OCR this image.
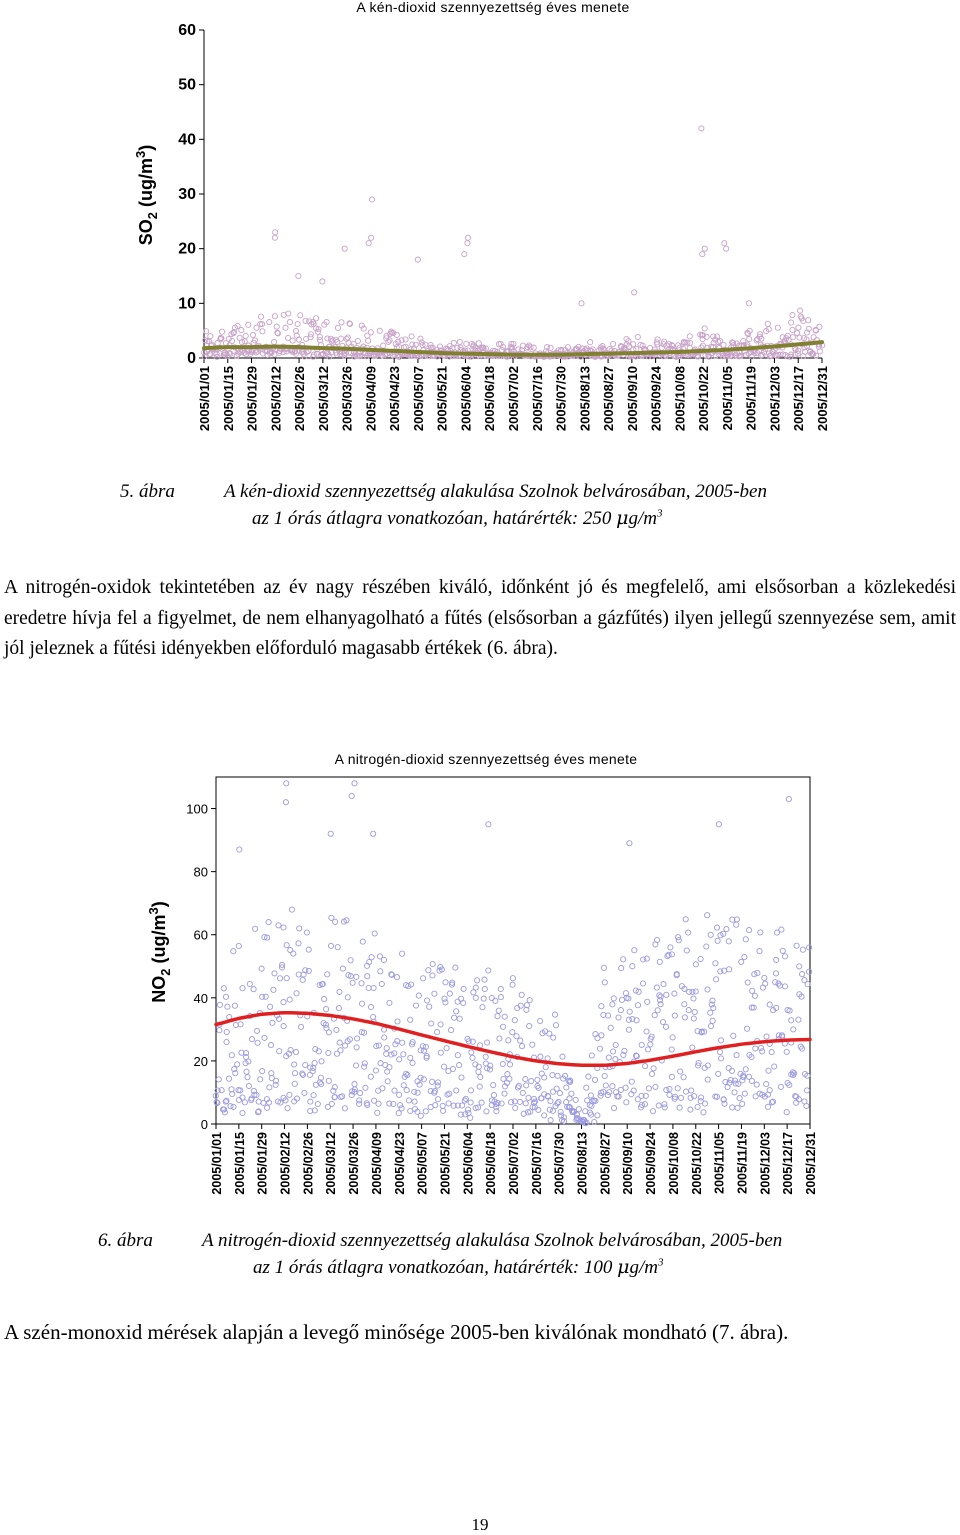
A kén-dioxid szennyezettség éves menete
0
10
20
30
40
50
60
2005/01/01 2005/01/15 2005/01/29 2005/02/12 2005/02/26 2005/03/12 2005/03/26 2005/04/09 2005/04/23 2005/05/07 2005/05/21 2005/06/04 2005/06/18 2005/07/02 2005/07/16 2005/07/30 2005/08/13 2005/08/27 2005/09/10 2005/09/24 2005/10/08 2005/10/22 2005/11/05 2005/11/19 2005/12/03 2005/12/17 2005/12/31
$SO_2$ $(ug/m^3)$
5. ábra	A kén-dioxid szennyezettség alakulása Szolnok belvárosában, 2005-ben
az 1 órás átlagra vonatkozóan, határérték: 250 $\mu g/m^3$
A nitrogén-oxidok tekintetében az év nagy részében kiváló, időnként jó és megfelelő, ami elsősorban a közlekedési eredetre hívja fel a figyelmet, de nem elhanyagolható a fűtés (elsősorban a gázfűtés) ilyen jellegű szennyezése sem, amit jól jeleznek a fűtési idényekben előforduló magasabb értékek (6. ábra).
A nitrogén-dioxid szennyezettség éves menete
0
20
40
60
80
100
2005/01/01 2005/01/15 2005/01/29 2005/02/12 2005/02/26 2005/03/12 2005/03/26 2005/04/09 2005/04/23 2005/05/07 2005/05/21 2005/06/04 2005/06/18 2005/07/02 2005/07/16 2005/07/30 2005/08/13 2005/08/27 2005/09/10 2005/09/24 2005/10/08 2005/10/22 2005/11/05 2005/11/19 2005/12/03 2005/12/17 2005/12/31
$NO_2$ $(ug/m^3)$
6. ábra	A nitrogén-dioxid szennyezettség alakulása Szolnok belvárosában, 2005-ben
az 1 órás átlagra vonatkozóan, határérték: 100 $\mu g/m^3$
A szén-monoxid mérések alapján a levegő minősége 2005-ben kiválónak mondható (7. ábra).
19
